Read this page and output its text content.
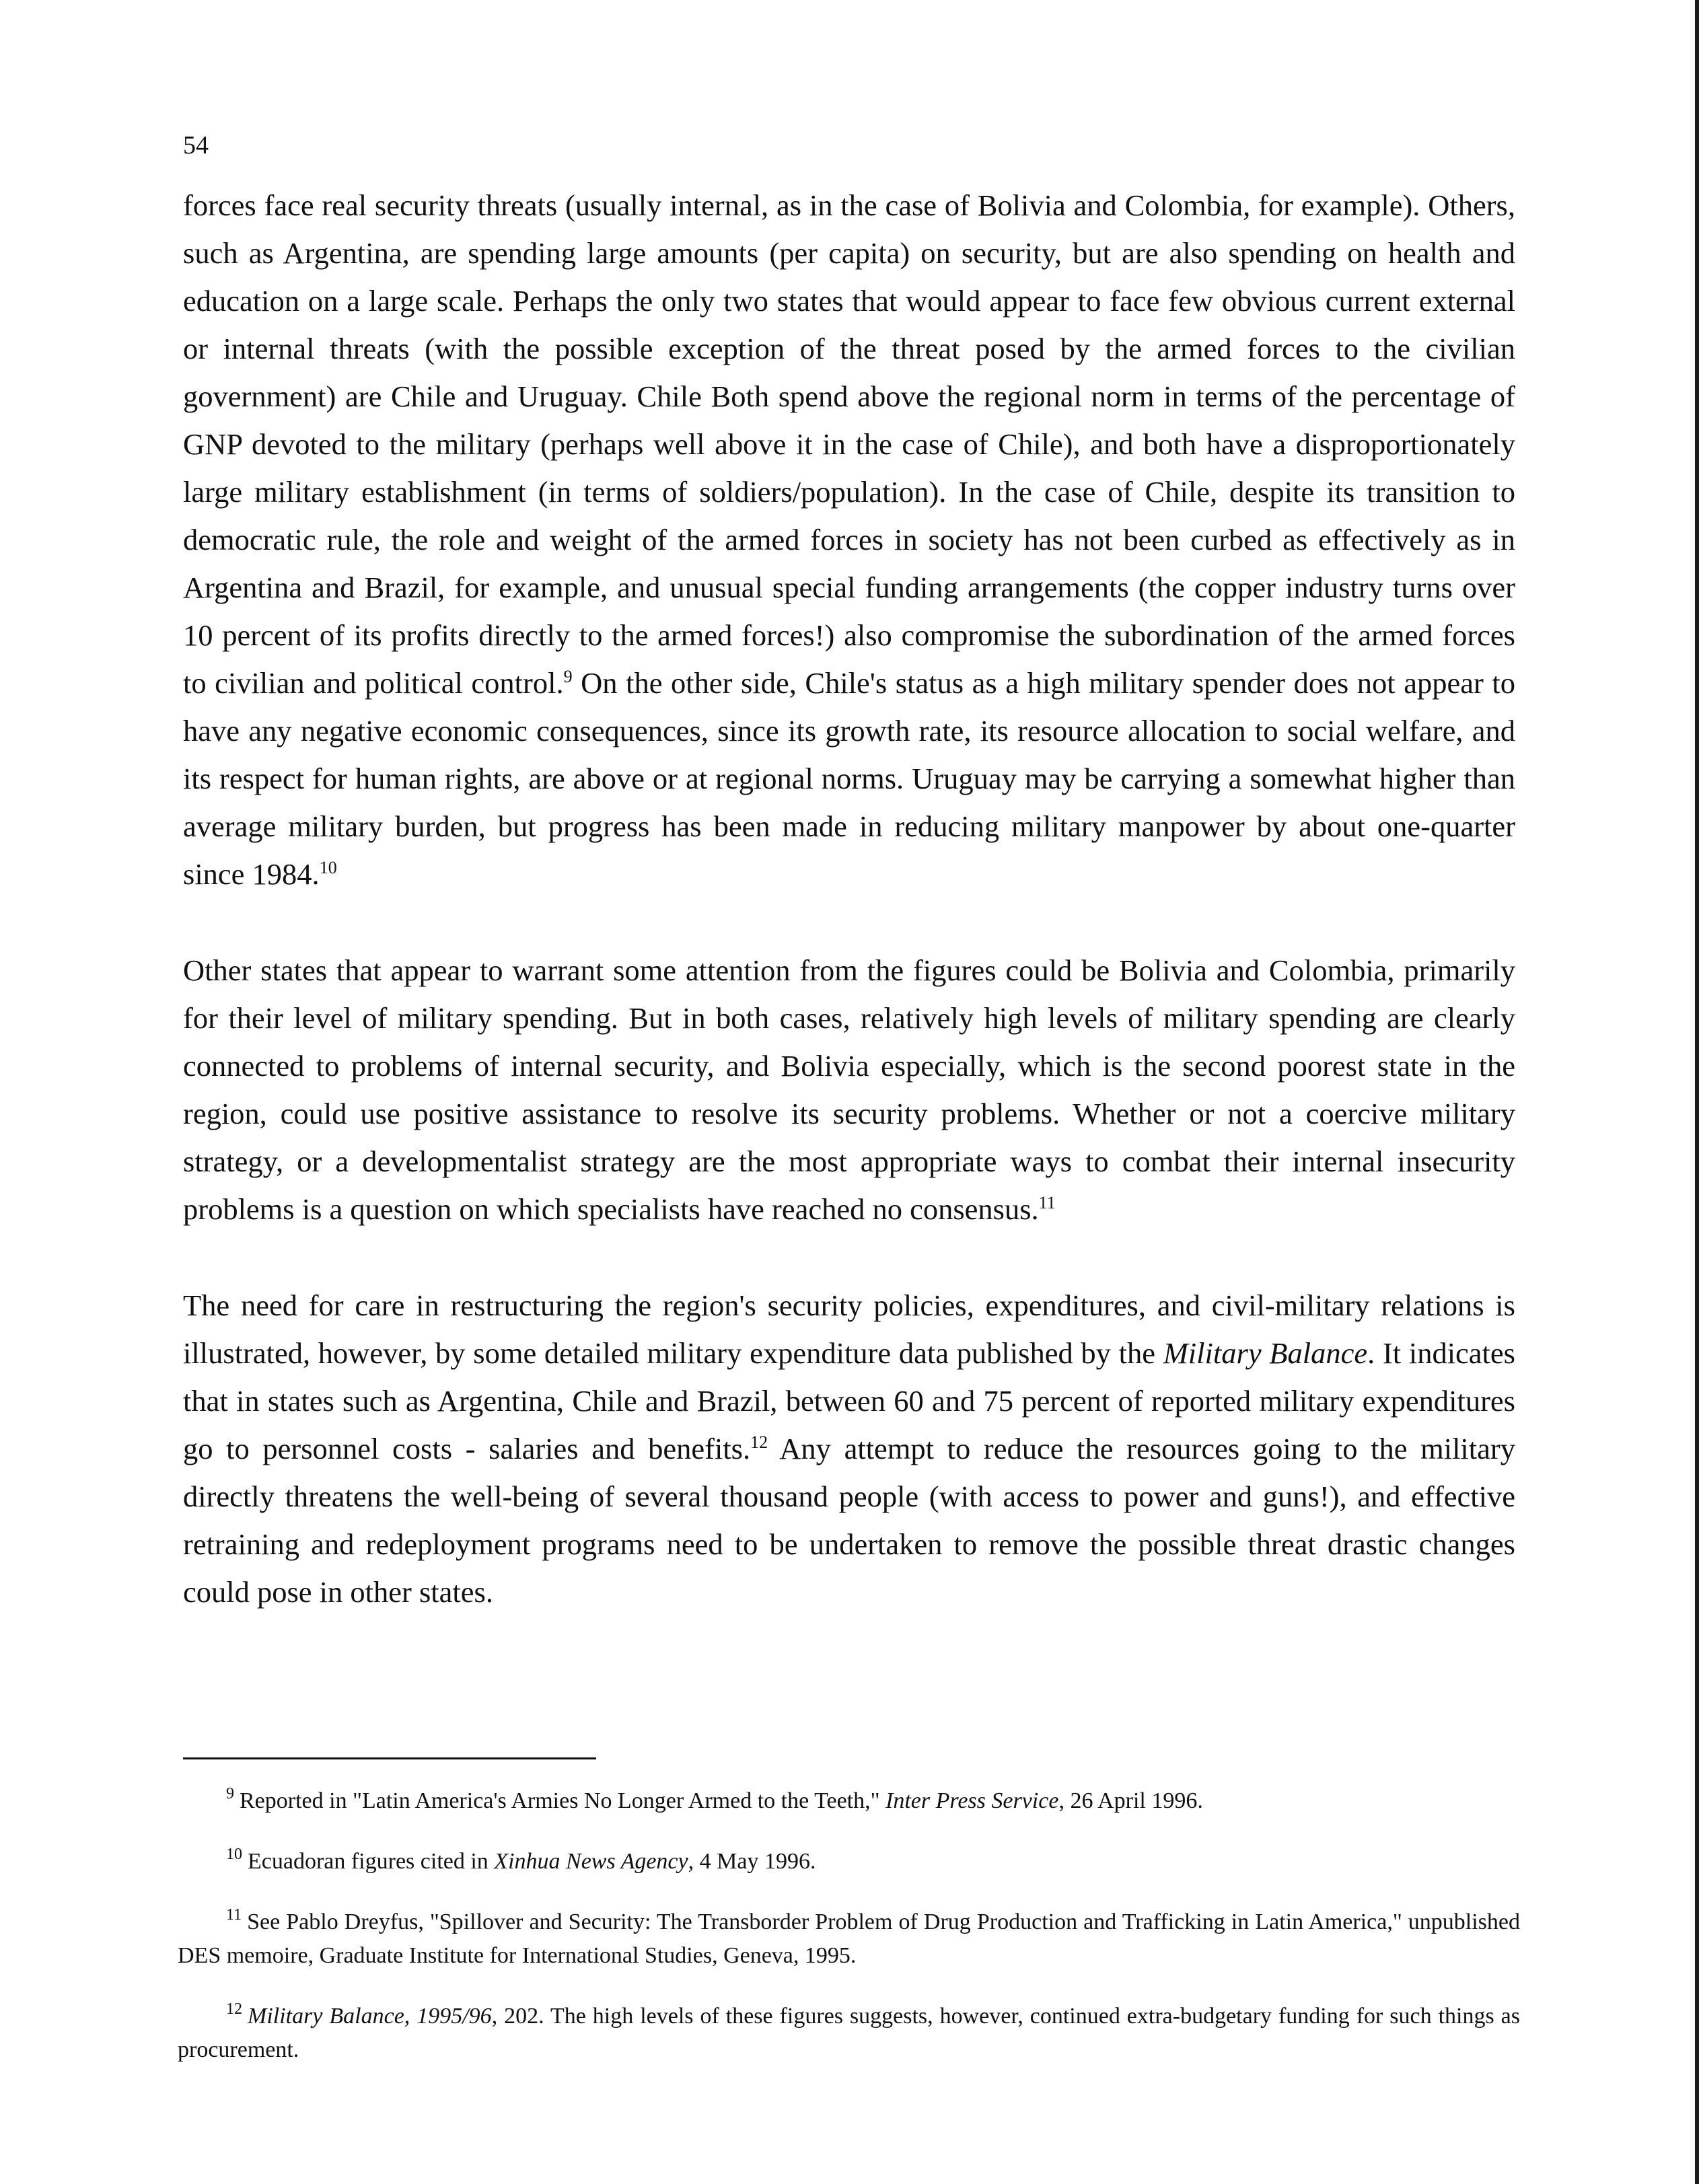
54

forces face real security threats (usually internal, as in the case of Bolivia and Colombia, for example). Others, such as Argentina, are spending large amounts (per capita) on security, but are also spending on health and education on a large scale. Perhaps the only two states that would appear to face few obvious current external or internal threats (with the possible exception of the threat posed by the armed forces to the civilian government) are Chile and Uruguay. Chile Both spend above the regional norm in terms of the percentage of GNP devoted to the military (perhaps well above it in the case of Chile), and both have a disproportionately large military establishment (in terms of soldiers/population). In the case of Chile, despite its transition to democratic rule, the role and weight of the armed forces in society has not been curbed as effectively as in Argentina and Brazil, for example, and unusual special funding arrangements (the copper industry turns over 10 percent of its profits directly to the armed forces!) also compromise the subordination of the armed forces to civilian and political control.$^9$ On the other side, Chile's status as a high military spender does not appear to have any negative economic consequences, since its growth rate, its resource allocation to social welfare, and its respect for human rights, are above or at regional norms. Uruguay may be carrying a somewhat higher than average military burden, but progress has been made in reducing military manpower by about one-quarter since 1984.10

Other states that appear to warrant some attention from the figures could be Bolivia and Colombia, primarily for their level of military spending. But in both cases, relatively high levels of military spending are clearly connected to problems of internal security, and Bolivia especially, which is the second poorest state in the region, could use positive assistance to resolve its security problems. Whether or not a coercive military strategy, or a developmentalist strategy are the most appropriate ways to combat their internal insecurity problems is a question on which specialists have reached no consensus.$^{11}$

The need for care in restructuring the region's security policies, expenditures, and civil-military relations is illustrated, however, by some detailed military expenditure data published by the Military Balance. It indicates that in states such as Argentina, Chile and Brazil, between 60 and 75 percent of reported military expenditures go to personnel costs - salaries and benefits.$^{12}$ Any attempt to reduce the resources going to the military directly threatens the well-being of several thousand people (with access to power and guns!), and effective retraining and redeployment programs need to be undertaken to remove the possible threat drastic changes could pose in other states.

$^9$ Reported in "Latin America's Armies No Longer Armed to the Teeth," Inter Press Service, 26 April 1996.

$^{10}$ Ecuadoran figures cited in Xinhua News Agency, 4 May 1996.

$^{11}$ See Pablo Dreyfus, "Spillover and Security: The Transborder Problem of Drug Production and Trafficking in Latin America," unpublished DES memoire, Graduate Institute for International Studies, Geneva, 1995.

$^{12}$ Military Balance, 1995/96, 202. The high levels of these figures suggests, however, continued extra-budgetary funding for such things as procurement.
